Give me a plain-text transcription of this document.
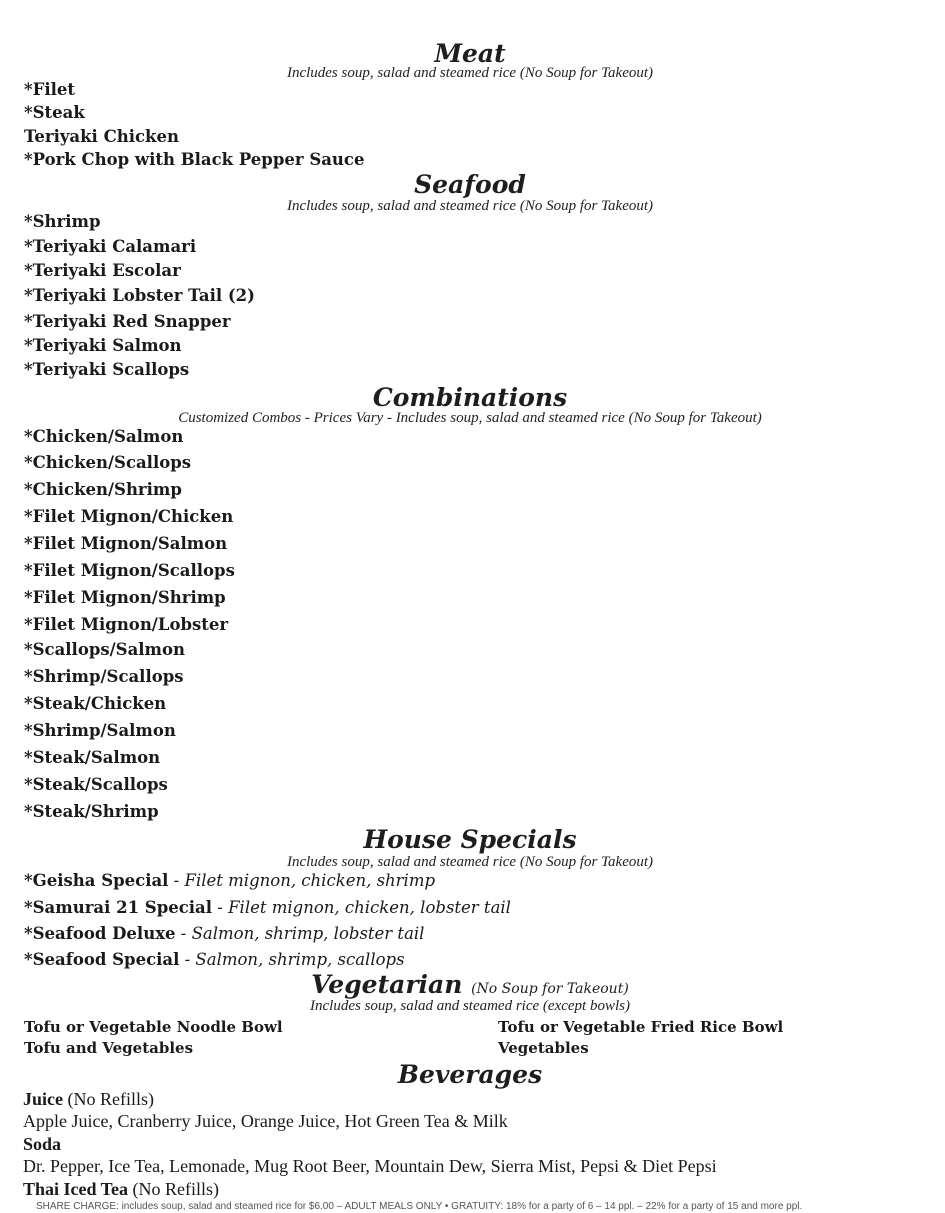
Meat
Includes soup, salad and steamed rice (No Soup for Takeout)
*Filet
*Steak
Teriyaki Chicken
*Pork Chop with Black Pepper Sauce
Seafood
Includes soup, salad and steamed rice (No Soup for Takeout)
*Shrimp
*Teriyaki Calamari
*Teriyaki Escolar
*Teriyaki Lobster Tail (2)
*Teriyaki Red Snapper
*Teriyaki Salmon
*Teriyaki Scallops
Combinations
Customized Combos - Prices Vary - Includes soup, salad and steamed rice (No Soup for Takeout)
*Chicken/Salmon
*Chicken/Scallops
*Chicken/Shrimp
*Filet Mignon/Chicken
*Filet Mignon/Salmon
*Filet Mignon/Scallops
*Filet Mignon/Shrimp
*Filet Mignon/Lobster
*Scallops/Salmon
*Shrimp/Scallops
*Steak/Chicken
*Shrimp/Salmon
*Steak/Salmon
*Steak/Scallops
*Steak/Shrimp
House Specials
Includes soup, salad and steamed rice (No Soup for Takeout)
*Geisha Special - Filet mignon, chicken, shrimp
*Samurai 21 Special - Filet mignon, chicken, lobster tail
*Seafood Deluxe - Salmon, shrimp, lobster tail
*Seafood Special - Salmon, shrimp, scallops
Vegetarian (No Soup for Takeout)
Includes soup, salad and steamed rice (except bowls)
Tofu or Vegetable Noodle Bowl	Tofu or Vegetable Fried Rice Bowl
Tofu and Vegetables	Vegetables
Beverages
Juice (No Refills)
Apple Juice, Cranberry Juice, Orange Juice, Hot Green Tea & Milk
Soda
Dr. Pepper, Ice Tea, Lemonade, Mug Root Beer, Mountain Dew, Sierra Mist, Pepsi & Diet Pepsi
Thai Iced Tea (No Refills)
SHARE CHARGE: includes soup, salad and steamed rice for $6.00 – ADULT MEALS ONLY • GRATUITY: 18% for a party of 6 – 14 ppl. – 22% for a party of 15 and more ppl.
